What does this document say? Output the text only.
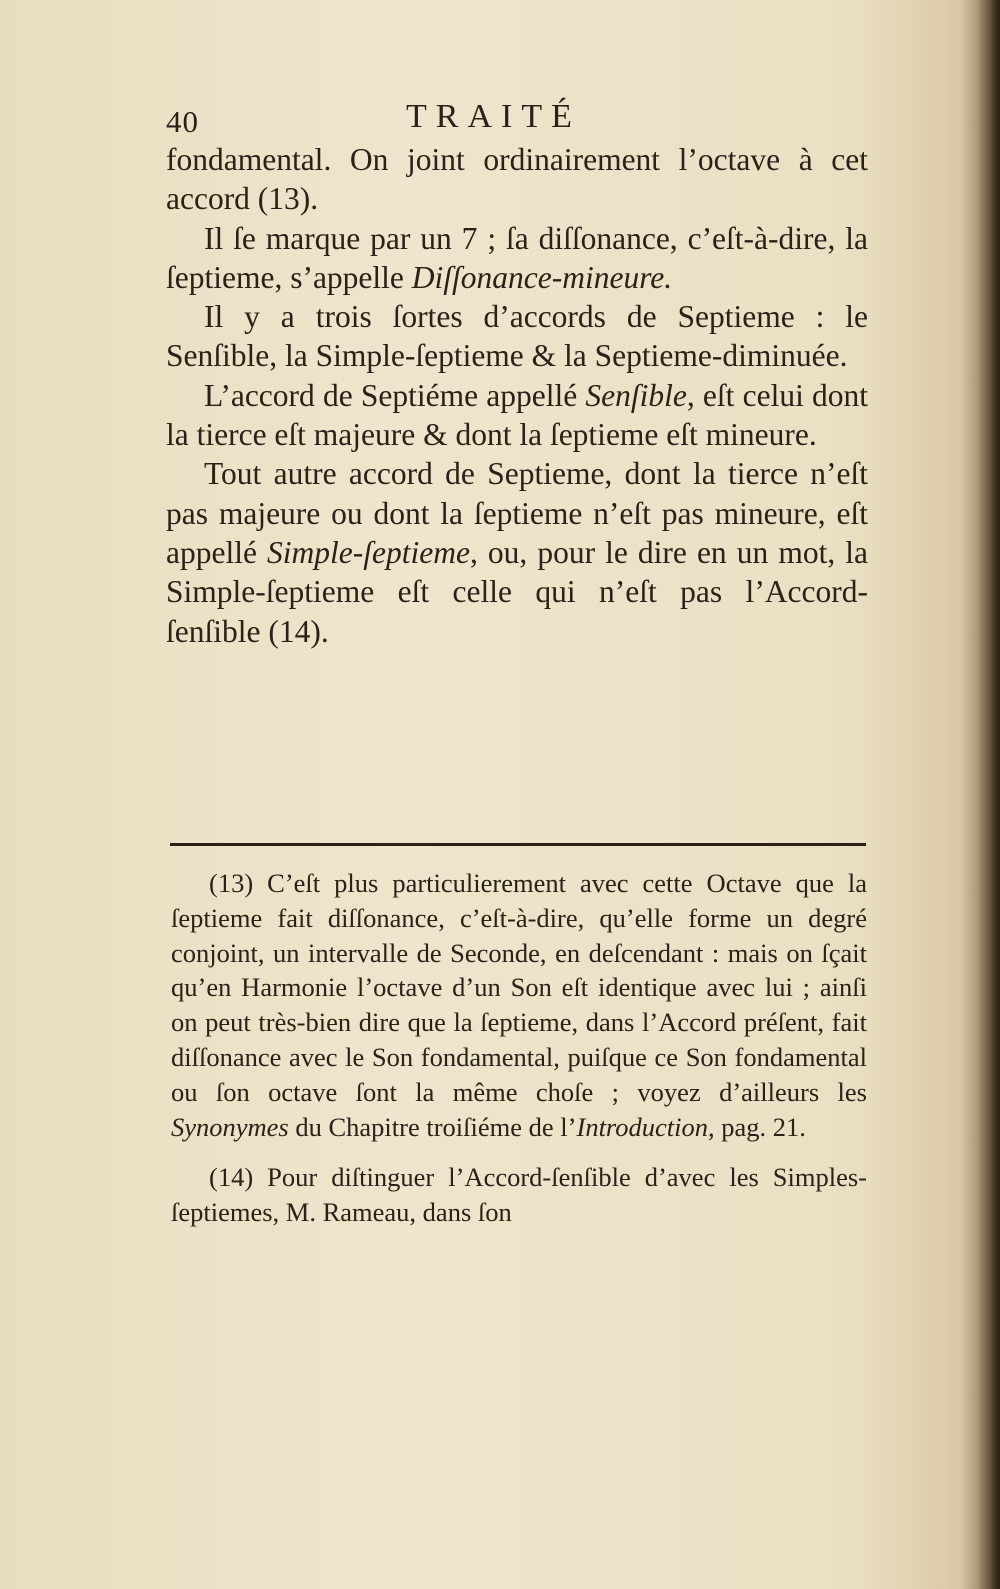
40	TRAITÉ

fondamental. On joint ordinairement l’octave à cet accord (13).

Il ſe marque par un 7 ; ſa diſſonance, c’eſt-à-dire, la ſeptieme, s’appelle Diſſonance-mineure.

Il y a trois ſortes d’accords de Septieme : le Senſible, la Simple-ſeptieme & la Septieme-diminuée.

L’accord de Septiéme appellé Senſible, eſt celui dont la tierce eſt majeure & dont la ſeptieme eſt mineure.

Tout autre accord de Septieme, dont la tierce n’eſt pas majeure ou dont la ſeptieme n’eſt pas mineure, eſt appellé Simple-ſeptieme, ou, pour le dire en un mot, la Simple-ſeptieme eſt celle qui n’eſt pas l’Accord-ſenſible (14).

(13) C’eſt plus particulierement avec cette Octave que la ſeptieme fait diſſonance, c’eſt-à-dire, qu’elle forme un degré conjoint, un intervalle de Seconde, en deſcendant : mais on ſçait qu’en Harmonie l’octave d’un Son eſt identique avec lui ; ainſi on peut très-bien dire que la ſeptieme, dans l’Accord préſent, fait diſſonance avec le Son fondamental, puiſque ce Son fondamental ou ſon octave ſont la même choſe ; voyez d’ailleurs les Synonymes du Chapitre troiſiéme de l’Introduction, pag. 21.

(14) Pour diſtinguer l’Accord-ſenſible d’avec les Simples-ſeptiemes, M. Rameau, dans ſon
